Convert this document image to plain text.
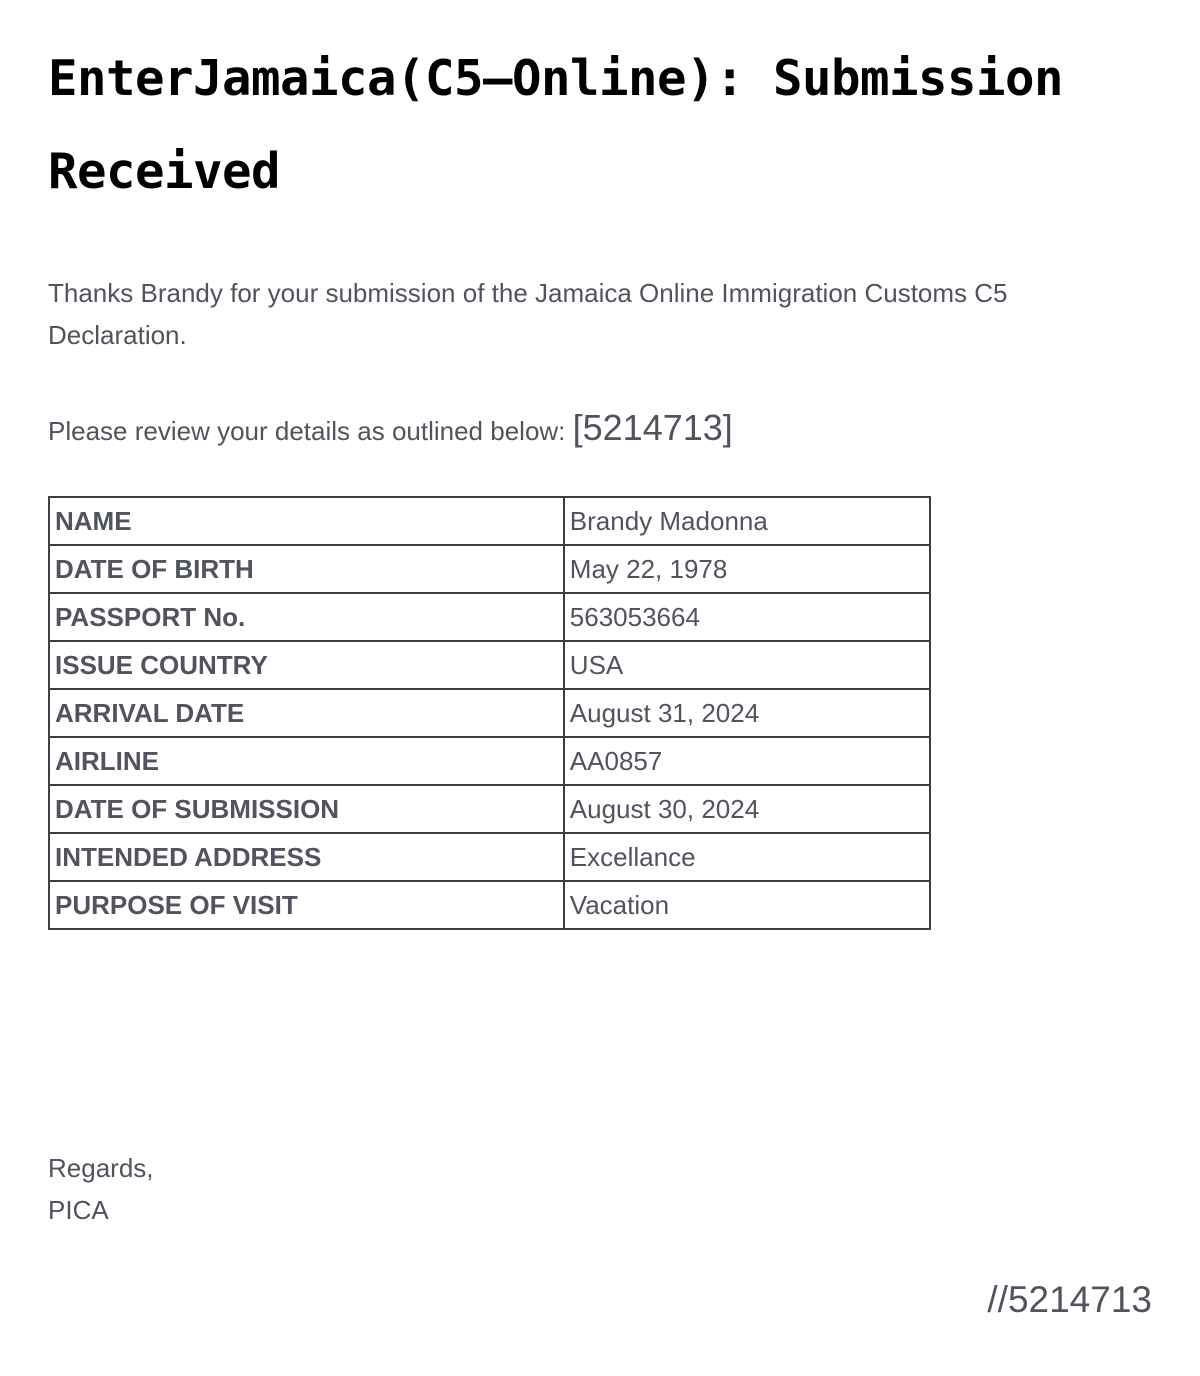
EnterJamaica(C5–Online): Submission Received

Thanks Brandy for your submission of the Jamaica Online Immigration Customs C5 Declaration.

Please review your details as outlined below: [5214713]

NAME	Brandy Madonna
DATE OF BIRTH	May 22, 1978
PASSPORT No.	563053664
ISSUE COUNTRY	USA
ARRIVAL DATE	August 31, 2024
AIRLINE	AA0857
DATE OF SUBMISSION	August 30, 2024
INTENDED ADDRESS	Excellance
PURPOSE OF VISIT	Vacation

Regards,
PICA

//5214713
